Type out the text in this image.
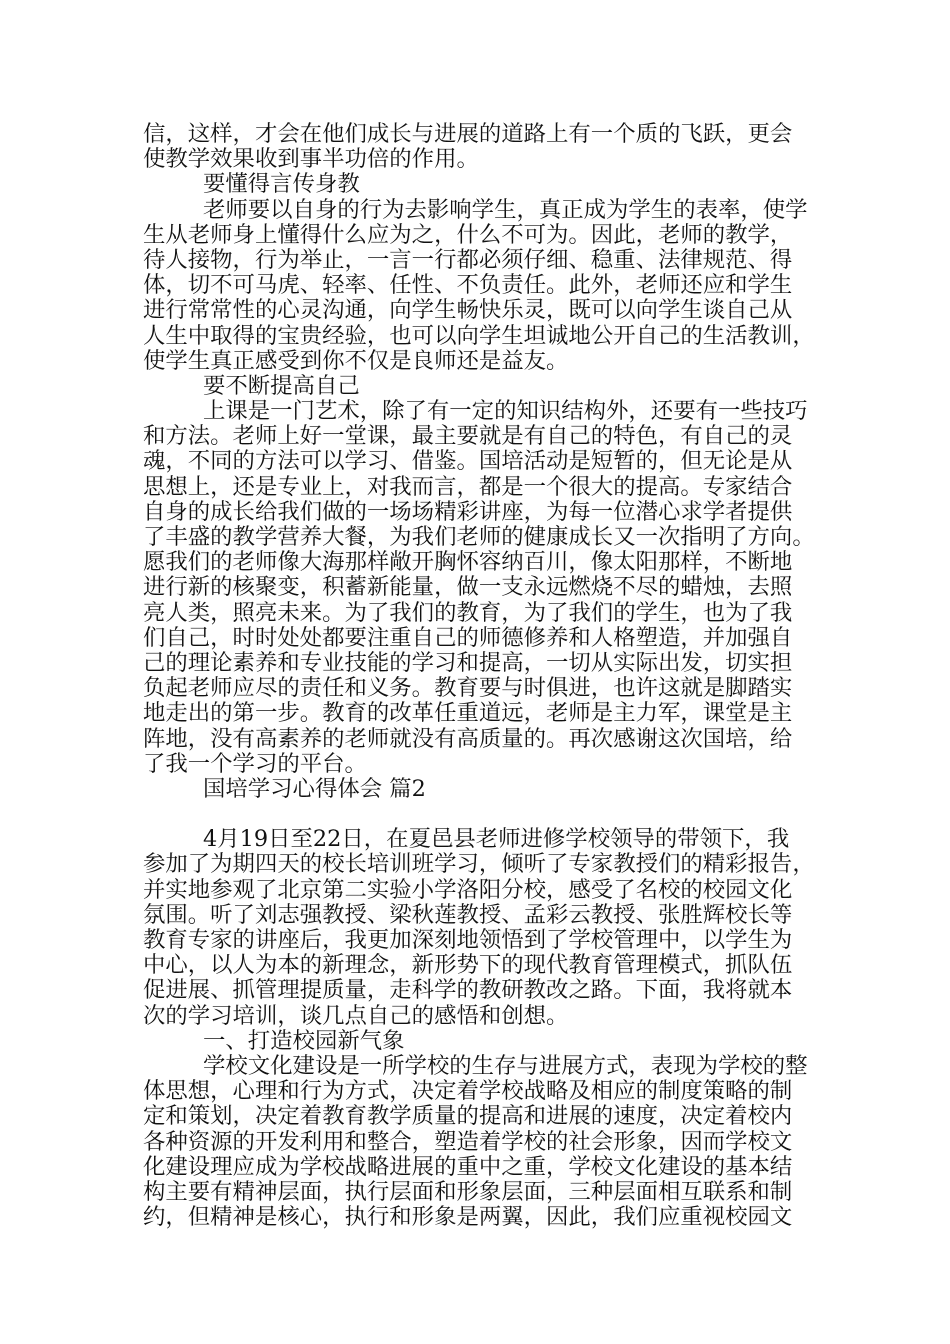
信，这样，才会在他们成长与进展的道路上有一个质的飞跃，更会
使教学效果收到事半功倍的作用。
要懂得言传身教
老师要以自身的行为去影响学生，真正成为学生的表率，使学
生从老师身上懂得什么应为之，什么不可为。因此，老师的教学，
待人接物，行为举止，一言一行都必须仔细、稳重、法律规范、得
体，切不可马虎、轻率、任性、不负责任。此外，老师还应和学生
进行常常性的心灵沟通，向学生畅快乐灵，既可以向学生谈自己从
人生中取得的宝贵经验，也可以向学生坦诚地公开自己的生活教训，
使学生真正感受到你不仅是良师还是益友。
要不断提高自己
上课是一门艺术，除了有一定的知识结构外，还要有一些技巧
和方法。老师上好一堂课，最主要就是有自己的特色，有自己的灵
魂，不同的方法可以学习、借鉴。国培活动是短暂的，但无论是从
思想上，还是专业上，对我而言，都是一个很大的提高。专家结合
自身的成长给我们做的一场场精彩讲座，为每一位潜心求学者提供
了丰盛的教学营养大餐，为我们老师的健康成长又一次指明了方向。
愿我们的老师像大海那样敞开胸怀容纳百川，像太阳那样，不断地
进行新的核聚变，积蓄新能量，做一支永远燃烧不尽的蜡烛，去照
亮人类，照亮未来。为了我们的教育，为了我们的学生，也为了我
们自己，时时处处都要注重自己的师德修养和人格塑造，并加强自
己的理论素养和专业技能的学习和提高，一切从实际出发，切实担
负起老师应尽的责任和义务。教育要与时俱进，也许这就是脚踏实
地走出的第一步。教育的改革任重道远，老师是主力军，课堂是主
阵地，没有高素养的老师就没有高质量的。再次感谢这次国培，给
了我一个学习的平台。
国培学习心得体会 篇2
4月19日至22日，在夏邑县老师进修学校领导的带领下，我
参加了为期四天的校长培训班学习，倾听了专家教授们的精彩报告，
并实地参观了北京第二实验小学洛阳分校，感受了名校的校园文化
氛围。听了刘志强教授、梁秋莲教授、孟彩云教授、张胜辉校长等
教育专家的讲座后，我更加深刻地领悟到了学校管理中，以学生为
中心，以人为本的新理念，新形势下的现代教育管理模式，抓队伍
促进展、抓管理提质量，走科学的教研教改之路。下面，我将就本
次的学习培训，谈几点自己的感悟和创想。
一、打造校园新气象
学校文化建设是一所学校的生存与进展方式，表现为学校的整
体思想，心理和行为方式，决定着学校战略及相应的制度策略的制
定和策划，决定着教育教学质量的提高和进展的速度，决定着校内
各种资源的开发利用和整合，塑造着学校的社会形象，因而学校文
化建设理应成为学校战略进展的重中之重，学校文化建设的基本结
构主要有精神层面，执行层面和形象层面，三种层面相互联系和制
约，但精神是核心，执行和形象是两翼，因此，我们应重视校园文
